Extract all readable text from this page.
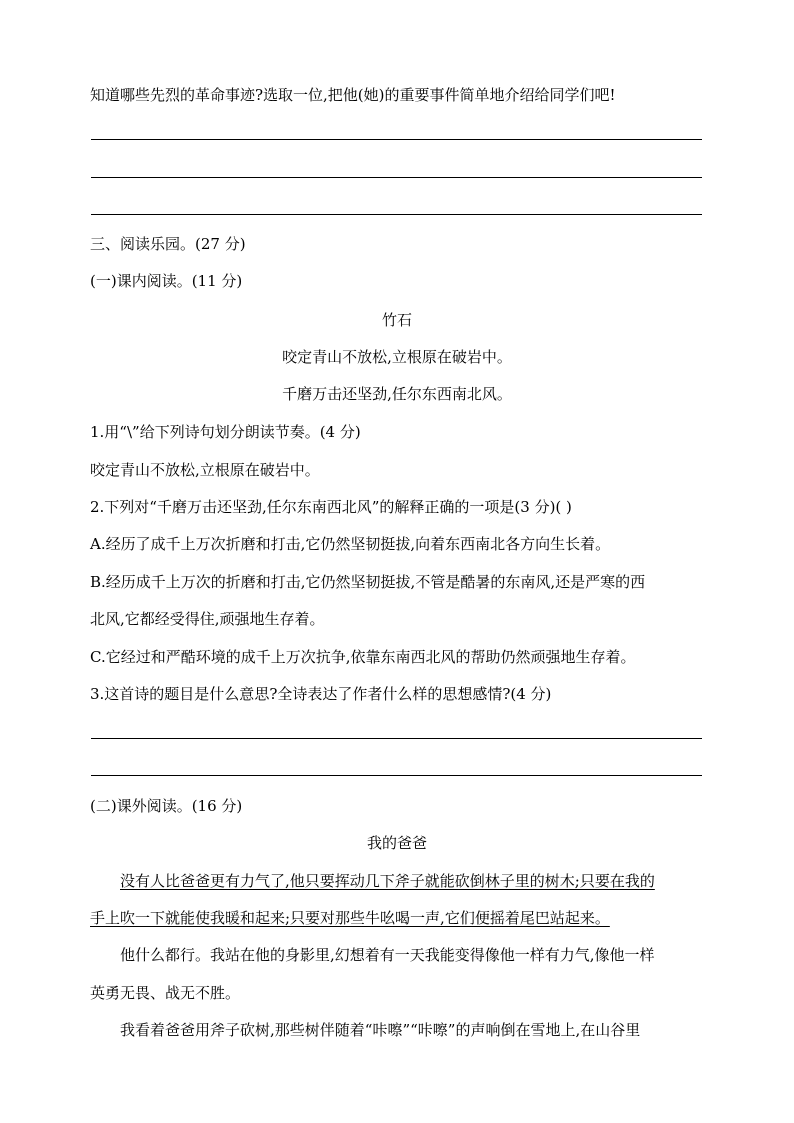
知道哪些先烈的革命事迹?选取一位,把他(她)的重要事件简单地介绍给同学们吧!
三、阅读乐园。(27 分)
(一)课内阅读。(11 分)
竹石
咬定青山不放松,立根原在破岩中。
千磨万击还坚劲,任尔东西南北风。
1.用“\”给下列诗句划分朗读节奏。(4 分)
咬定青山不放松,立根原在破岩中。
2.下列对“千磨万击还坚劲,任尔东南西北风”的解释正确的一项是(3 分)( )
A.经历了成千上万次折磨和打击,它仍然坚韧挺拔,向着东西南北各方向生长着。
B.经历成千上万次的折磨和打击,它仍然坚韧挺拔,不管是酷暑的东南风,还是严寒的西
北风,它都经受得住,顽强地生存着。
C.它经过和严酷环境的成千上万次抗争,依靠东南西北风的帮助仍然顽强地生存着。
3.这首诗的题目是什么意思?全诗表达了作者什么样的思想感情?(4 分)
(二)课外阅读。(16 分)
我的爸爸
没有人比爸爸更有力气了,他只要挥动几下斧子就能砍倒林子里的树木;只要在我的
手上吹一下就能使我暖和起来;只要对那些牛吆喝一声,它们便摇着尾巴站起来。
他什么都行。我站在他的身影里,幻想着有一天我能变得像他一样有力气,像他一样
英勇无畏、战无不胜。
我看着爸爸用斧子砍树,那些树伴随着“咔嚓”“咔嚓”的声响倒在雪地上,在山谷里
